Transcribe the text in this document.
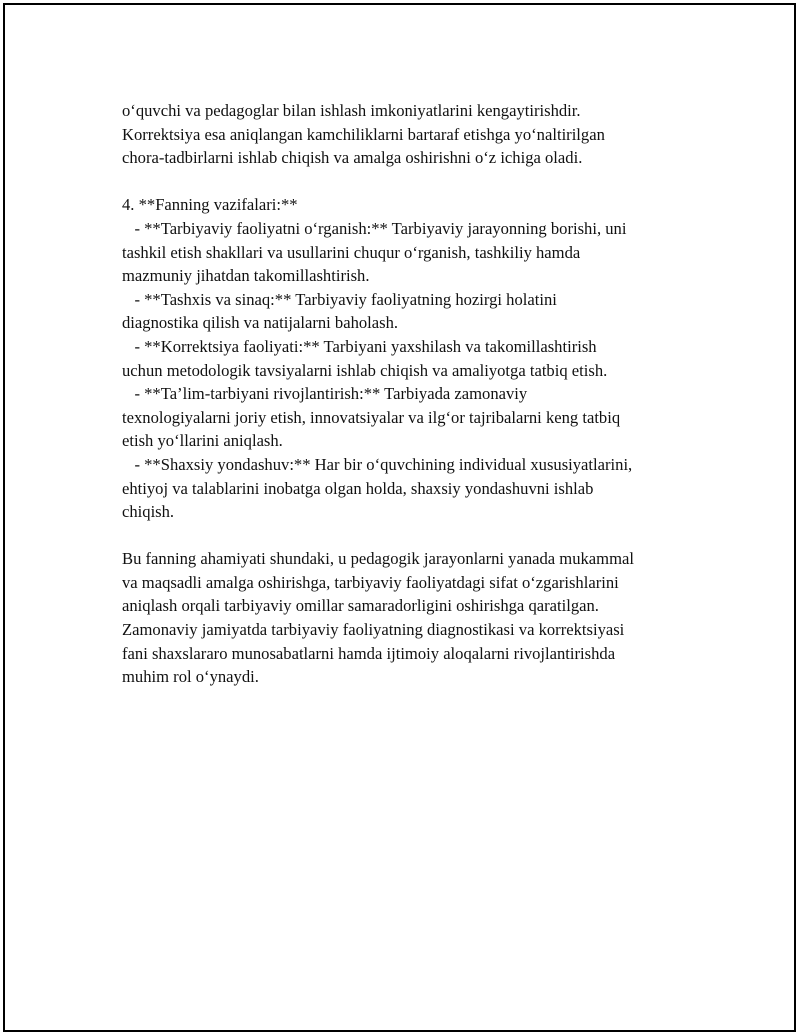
o‘quvchi va pedagoglar bilan ishlash imkoniyatlarini kengaytirishdir.

Korrektsiya esa aniqlangan kamchiliklarni bartaraf etishga yo‘naltirilgan

chora-tadbirlarni ishlab chiqish va amalga oshirishni o‘z ichiga oladi.

4. **Fanning vazifalari:**

- **Tarbiyaviy faoliyatni o‘rganish:** Tarbiyaviy jarayonning borishi, uni

tashkil etish shakllari va usullarini chuqur o‘rganish, tashkiliy hamda

mazmuniy jihatdan takomillashtirish.

- **Tashxis va sinaq:** Tarbiyaviy faoliyatning hozirgi holatini

diagnostika qilish va natijalarni baholash.

- **Korrektsiya faoliyati:** Tarbiyani yaxshilash va takomillashtirish

uchun metodologik tavsiyalarni ishlab chiqish va amaliyotga tatbiq etish.

- **Ta’lim-tarbiyani rivojlantirish:** Tarbiyada zamonaviy

texnologiyalarni joriy etish, innovatsiyalar va ilg‘or tajribalarni keng tatbiq

etish yo‘llarini aniqlash.

- **Shaxsiy yondashuv:** Har bir o‘quvchining individual xususiyatlarini,

ehtiyoj va talablarini inobatga olgan holda, shaxsiy yondashuvni ishlab

chiqish.

Bu fanning ahamiyati shundaki, u pedagogik jarayonlarni yanada mukammal

va maqsadli amalga oshirishga, tarbiyaviy faoliyatdagi sifat o‘zgarishlarini

aniqlash orqali tarbiyaviy omillar samaradorligini oshirishga qaratilgan.

Zamonaviy jamiyatda tarbiyaviy faoliyatning diagnostikasi va korrektsiyasi

fani shaxslararo munosabatlarni hamda ijtimoiy aloqalarni rivojlantirishda

muhim rol o‘ynaydi.
